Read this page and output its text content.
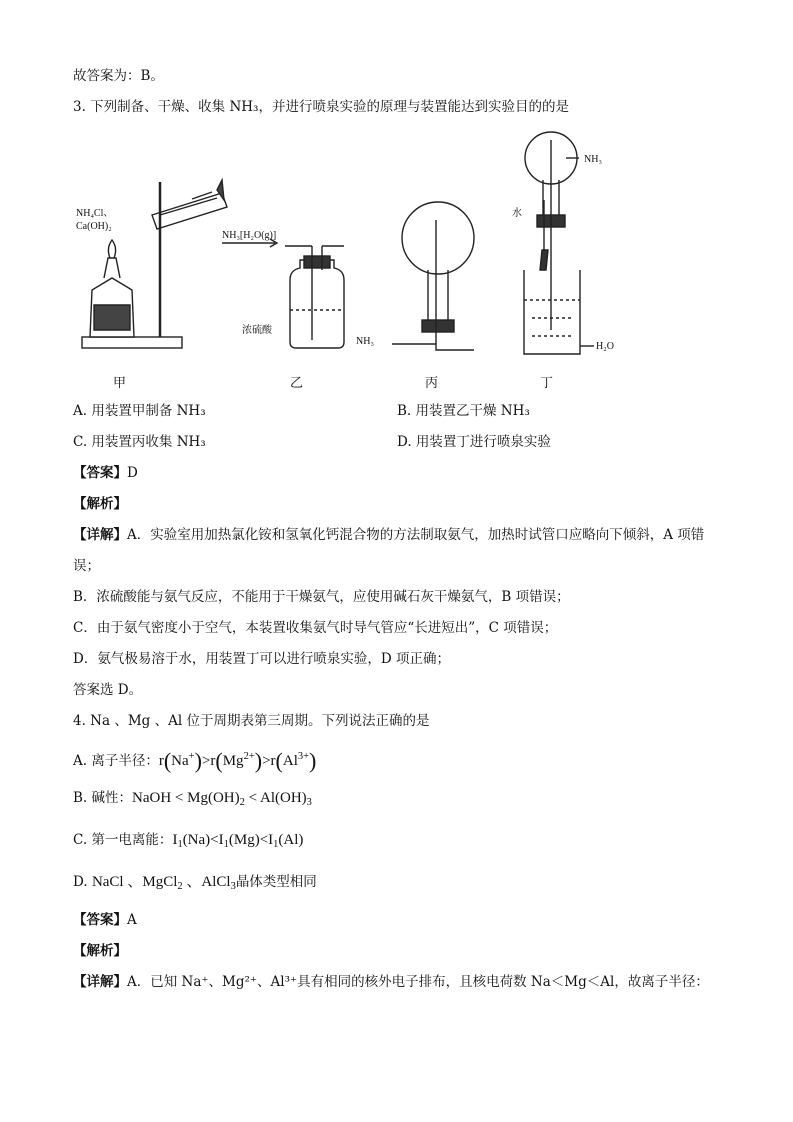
故答案为：B。
3. 下列制备、干燥、收集 NH₃，并进行喷泉实验的原理与装置能达到实验目的的是
NH₄Cl、
Ca(OH)₂
NH₃[H₂O(g)]
浓硫酸
NH₃
NH₃
水
H₂O
甲	乙	丙	丁
A. 用装置甲制备 NH₃	B. 用装置乙干燥 NH₃
C. 用装置丙收集 NH₃	D. 用装置丁进行喷泉实验
【答案】D
【解析】
【详解】A．实验室用加热氯化铵和氢氧化钙混合物的方法制取氨气，加热时试管口应略向下倾斜，A 项错
误；
B．浓硫酸能与氨气反应，不能用于干燥氨气，应使用碱石灰干燥氨气，B 项错误；
C．由于氨气密度小于空气，本装置收集氨气时导气管应“长进短出”，C 项错误；
D．氨气极易溶于水，用装置丁可以进行喷泉实验，D 项正确；
答案选 D。
4. Na 、Mg 、Al 位于周期表第三周期。下列说法正确的是
A. 离子半径：$r(Na^+)>r(Mg^{2+})>r(Al^{3+})$
B. 碱性：NaOH < $Mg(OH)_2 < Al(OH)_3$
C. 第一电离能：$I_1(Na)<I_1(Mg)<I_1(Al)$
D. NaCl 、MgCl$_2$ 、AlCl$_3$晶体类型相同
【答案】A
【解析】
【详解】A．已知 Na⁺、Mg²⁺、Al³⁺具有相同的核外电子排布，且核电荷数 Na＜Mg＜Al，故离子半径：
